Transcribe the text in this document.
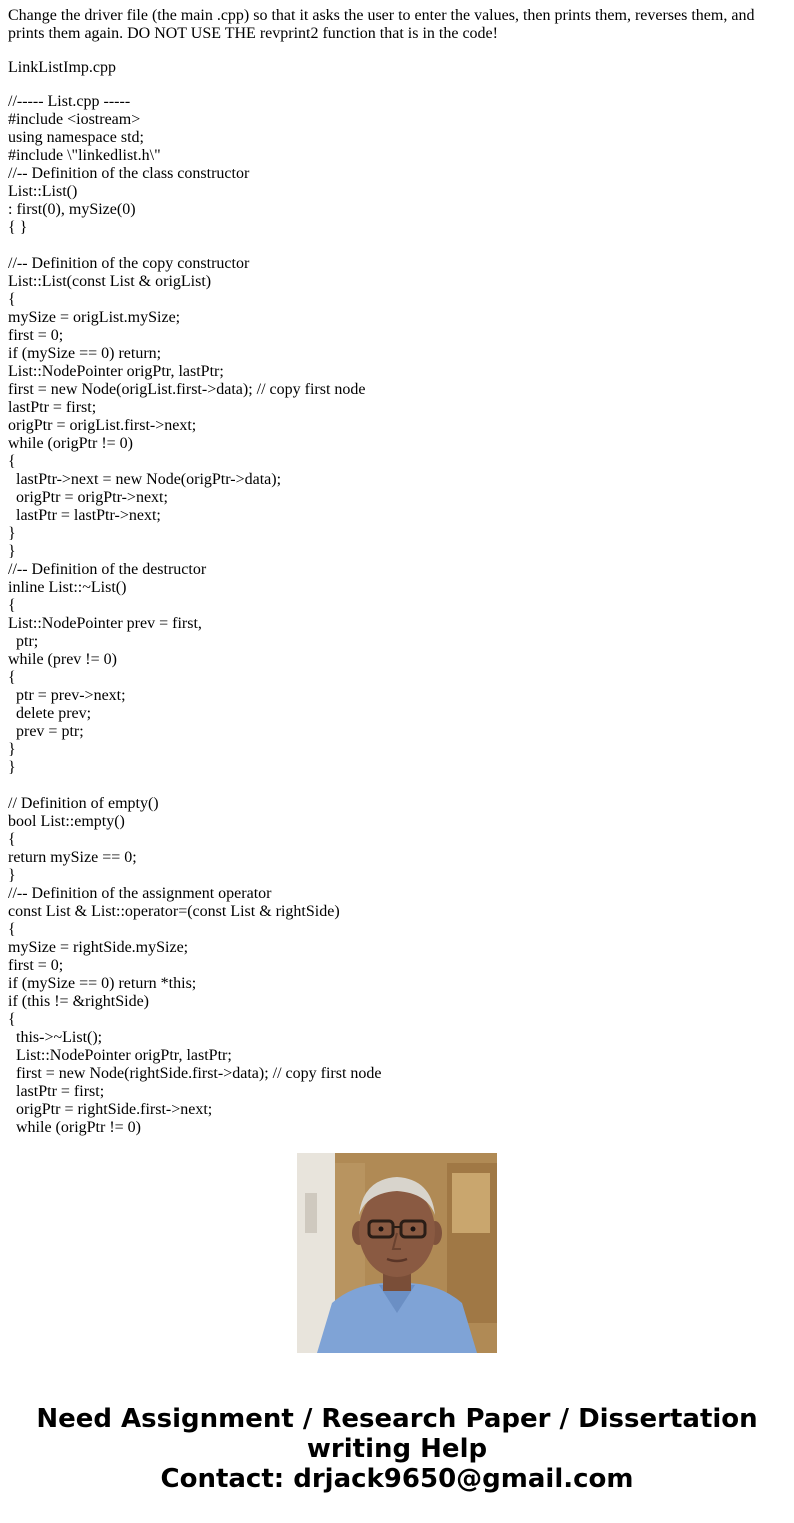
Change the driver file (the main .cpp) so that it asks the user to enter the values, then prints them, reverses them, and prints them again. DO NOT USE THE revprint2 function that is in the code!

LinkListImp.cpp

//----- List.cpp -----
#include <iostream>
using namespace std;
#include \"linkedlist.h\"
//-- Definition of the class constructor
List::List()
: first(0), mySize(0)
{ }

//-- Definition of the copy constructor
List::List(const List & origList)
{
mySize = origList.mySize;
first = 0;
if (mySize == 0) return;
List::NodePointer origPtr, lastPtr;
first = new Node(origList.first->data); // copy first node
lastPtr = first;
origPtr = origList.first->next;
while (origPtr != 0)
{
lastPtr->next = new Node(origPtr->data);
origPtr = origPtr->next;
lastPtr = lastPtr->next;
}
}
//-- Definition of the destructor
inline List::~List()
{
List::NodePointer prev = first,
ptr;
while (prev != 0)
{
ptr = prev->next;
delete prev;
prev = ptr;
}
}

// Definition of empty()
bool List::empty()
{
return mySize == 0;
}
//-- Definition of the assignment operator
const List & List::operator=(const List & rightSide)
{
mySize = rightSide.mySize;
first = 0;
if (mySize == 0) return *this;
if (this != &rightSide)
{
this->~List();
List::NodePointer origPtr, lastPtr;
first = new Node(rightSide.first->data); // copy first node
lastPtr = first;
origPtr = rightSide.first->next;
while (origPtr != 0)
Need Assignment / Research Paper / Dissertation
writing Help
Contact: drjack9650@gmail.com
